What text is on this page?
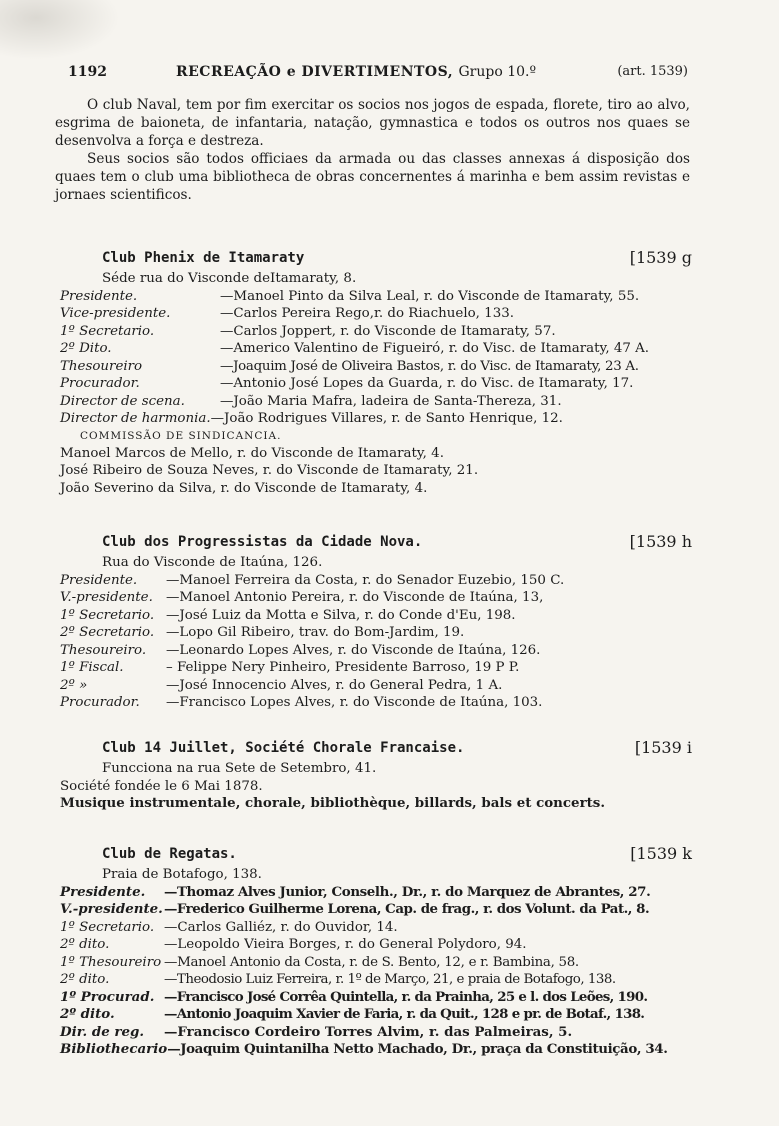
1192	RECREAÇÃO e DIVERTIMENTOS, Grupo 10.º	(art. 1539)

O club Naval, tem por fim exercitar os socios nos jogos de espada, florete, tiro ao alvo, esgrima de baioneta, de infantaria, natação, gymnastica e todos os outros nos quaes se desenvolva a força e destreza.

Seus socios são todos officiaes da armada ou das classes annexas á disposição dos quaes tem o club uma bibliotheca de obras concernentes á marinha e bem assim revistas e jornaes scientificos.

Club Phenix de Itamaraty	[1539 g
Séde rua do Visconde deItamaraty, 8.
Presidente.	—Manoel Pinto da Silva Leal, r. do Visconde de Itamaraty, 55.
Vice-presidente.	—Carlos Pereira Rego,r. do Riachuelo, 133.
1º Secretario.	—Carlos Joppert, r. do Visconde de Itamaraty, 57.
2º Dito.	—Americo Valentino de Figueiró, r. do Visc. de Itamaraty, 47 A.
Thesoureiro	—Joaquim José de Oliveira Bastos, r. do Visc. de Itamaraty, 23 A.
Procurador.	—Antonio José Lopes da Guarda, r. do Visc. de Itamaraty, 17.
Director de scena.	—João Maria Mafra, ladeira de Santa-Thereza, 31.
Director de harmonia. —João Rodrigues Villares, r. de Santo Henrique, 12.
COMMISSÃO DE SINDICANCIA.
Manoel Marcos de Mello, r. do Visconde de Itamaraty, 4.
José Ribeiro de Souza Neves, r. do Visconde de Itamaraty, 21.
João Severino da Silva, r. do Visconde de Itamaraty, 4.
Club dos Progressistas da Cidade Nova.	[1539 h
Rua do Visconde de Itaúna, 126.
Presidente.	—Manoel Ferreira da Costa, r. do Senador Euzebio, 150 C.
V.-presidente. —Manoel Antonio Pereira, r. do Visconde de Itaúna, 13,
1º Secretario. —José Luiz da Motta e Silva, r. do Conde d'Eu, 198.
2º Secretario. —Lopo Gil Ribeiro, trav. do Bom-Jardim, 19.
Thesoureiro.	—Leonardo Lopes Alves, r. do Visconde de Itaúna, 126.
1º Fiscal.	– Felippe Nery Pinheiro, Presidente Barroso, 19 P P.
2º »	—José Innocencio Alves, r. do General Pedra, 1 A.
Procurador.	—Francisco Lopes Alves, r. do Visconde de Itaúna, 103.
Club 14 Juillet, Société Chorale Francaise.	[1539 i
Funcciona na rua Sete de Setembro, 41.
Société fondée le 6 Mai 1878.
Musique instrumentale, chorale, bibliothèque, billards, bals et concerts.
Club de Regatas.	[1539 k
Praia de Botafogo, 138.
Presidente.	—Thomaz Alves Junior, Conselh., Dr., r. do Marquez de Abrantes, 27.
V.-presidente. —Frederico Guilherme Lorena, Cap. de frag., r. dos Volunt. da Pat., 8.
1º Secretario. —Carlos Galliéz, r. do Ouvidor, 14.
2º dito.	—Leopoldo Vieira Borges, r. do General Polydoro, 94.
1º Thesoureiro —Manoel Antonio da Costa, r. de S. Bento, 12, e r. Bambina, 58.
2º dito.	—Theodosio Luiz Ferreira, r. 1º de Março, 21, e praia de Botafogo, 138.
1º Procurad. —Francisco José Corrêa Quintella, r. da Prainha, 25 e l. dos Leões, 190.
2º dito.	—Antonio Joaquim Xavier de Faria, r. da Quit., 128 e pr. de Botaf., 138.
Dir. de reg.	—Francisco Cordeiro Torres Alvim, r. das Palmeiras, 5.
Bibliothecario —Joaquim Quintanilha Netto Machado, Dr., praça da Constituição, 34.
